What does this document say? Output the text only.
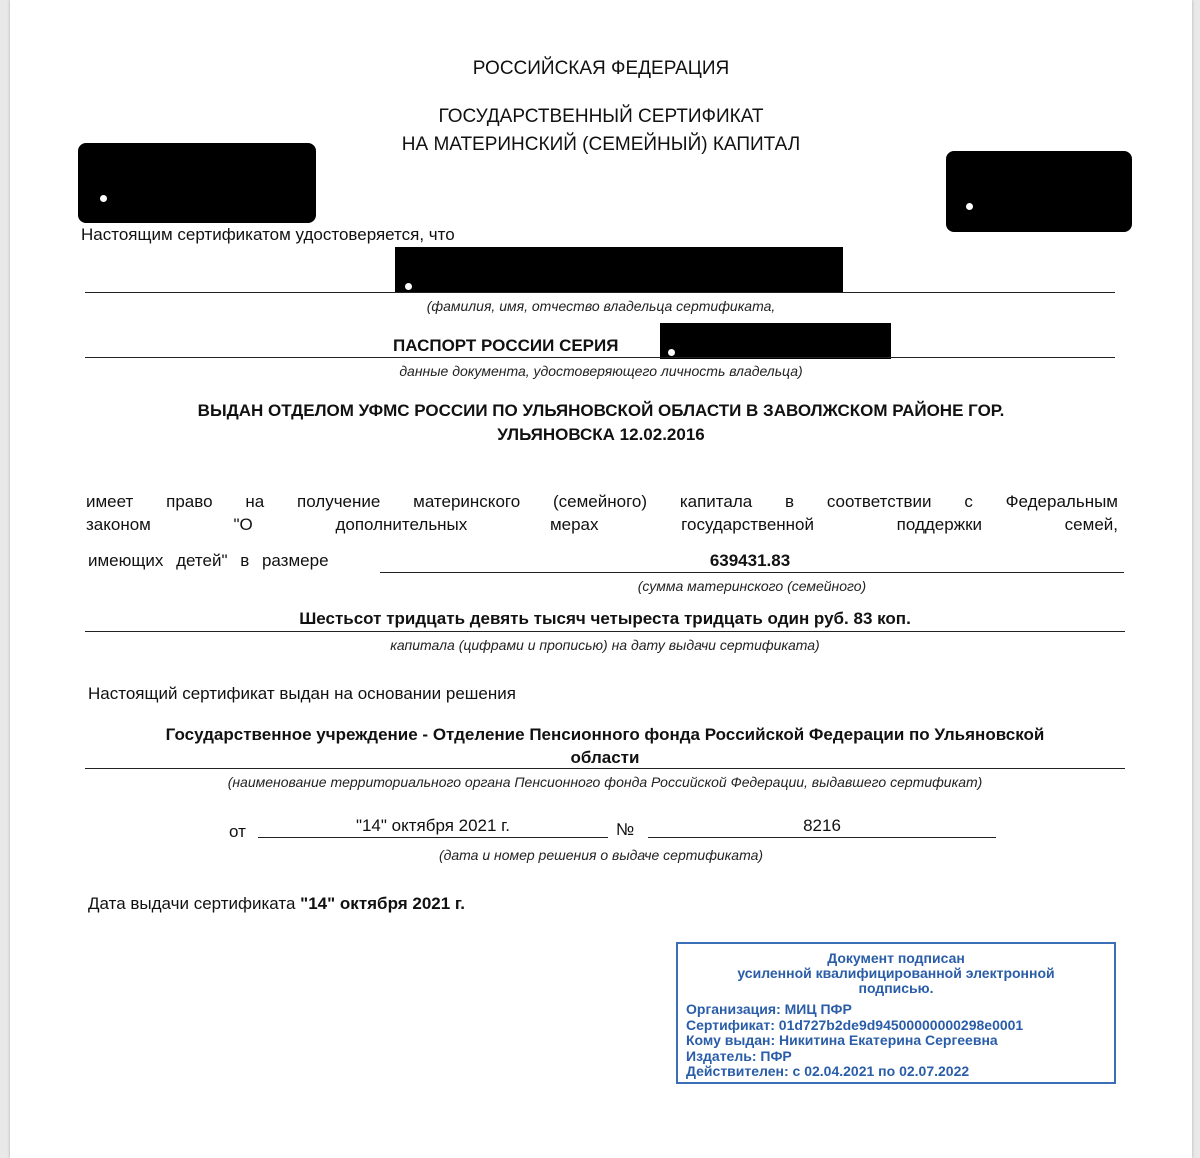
РОССИЙСКАЯ ФЕДЕРАЦИЯ
ГОСУДАРСТВЕННЫЙ СЕРТИФИКАТ
НА МАТЕРИНСКИЙ (СЕМЕЙНЫЙ) КАПИТАЛ
Настоящим сертификатом удостоверяется, что
(фамилия, имя, отчество владельца сертификата,
ПАСПОРТ РОССИИ СЕРИЯ
данные документа, удостоверяющего личность владельца)
ВЫДАН ОТДЕЛОМ УФМС РОССИИ ПО УЛЬЯНОВСКОЙ ОБЛАСТИ В ЗАВОЛЖСКОМ РАЙОНЕ ГОР.
УЛЬЯНОВСКА 12.02.2016
имеет право на получение материнского (семейного) капитала в соответствии с Федеральным
законом "О дополнительных мерах государственной поддержки семей,
имеющих детей" в размере	639431.83
(сумма материнского (семейного)
Шестьсот тридцать девять тысяч четыреста тридцать один руб. 83 коп.
капитала (цифрами и прописью) на дату выдачи сертификата)
Настоящий сертификат выдан на основании решения
Государственное учреждение - Отделение Пенсионного фонда Российской Федерации по Ульяновской
области
(наименование территориального органа Пенсионного фонда Российской Федерации, выдавшего сертификат)
от	"14" октября 2021 г.	№	8216
(дата и номер решения о выдаче сертификата)
Дата выдачи сертификата "14" октября 2021 г.
Документ подписан
усиленной квалифицированной электронной
подписью.
Организация: МИЦ ПФР
Сертификат: 01d727b2de9d94500000000298e0001
Кому выдан: Никитина Екатерина Сергеевна
Издатель: ПФР
Действителен: с 02.04.2021 по 02.07.2022
